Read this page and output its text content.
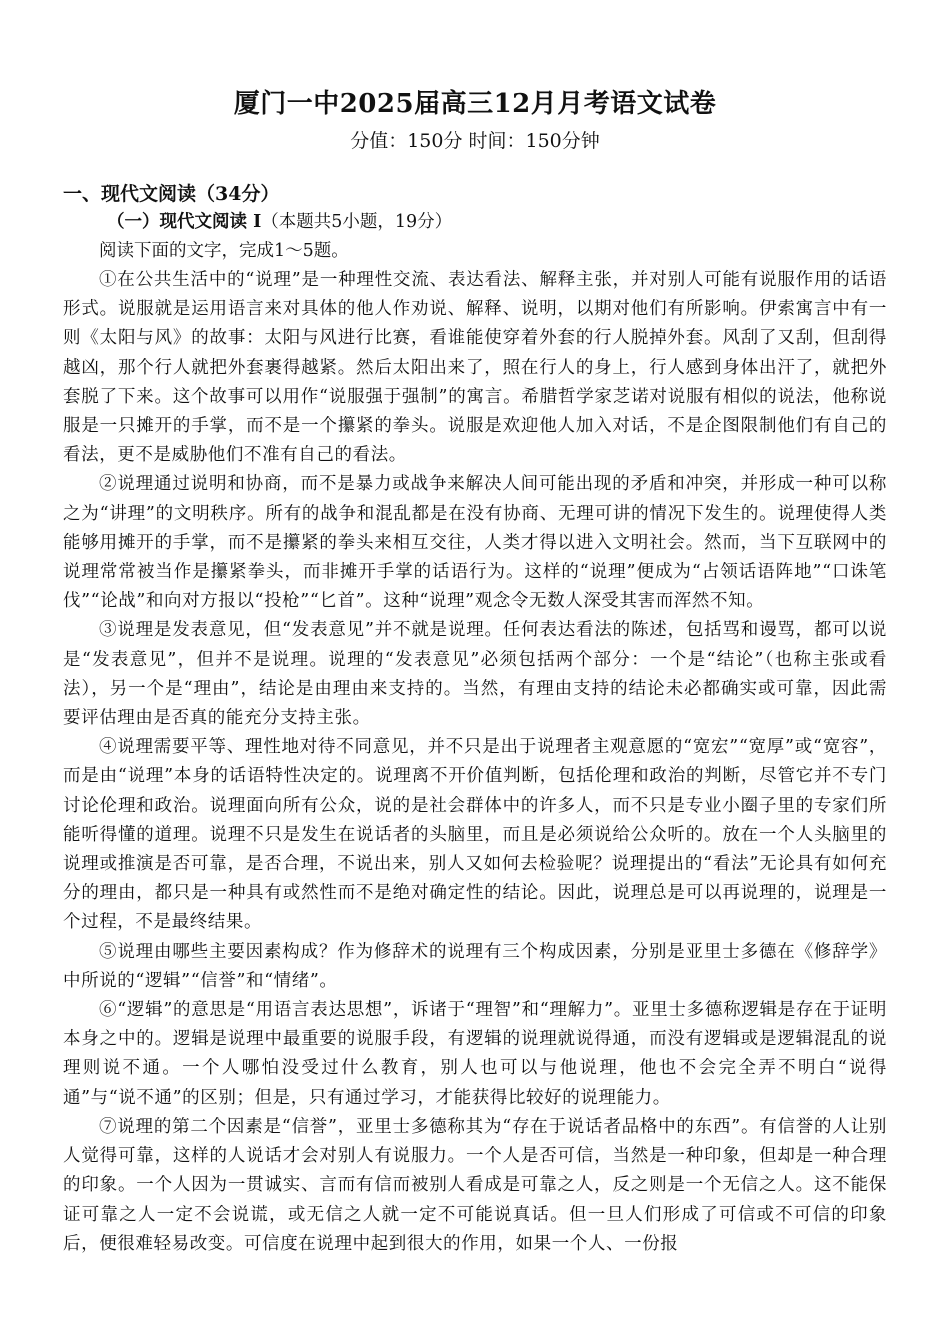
厦门一中2025届高三12月月考语文试卷
分值：150分 时间：150分钟
一、现代文阅读（34分）
（一）现代文阅读 I（本题共5小题，19分）
阅读下面的文字，完成1～5题。

①在公共生活中的“说理”是一种理性交流、表达看法、解释主张，并对别人可能有说服作用的话语形式。说服就是运用语言来对具体的他人作劝说、解释、说明，以期对他们有所影响。伊索寓言中有一则《太阳与风》的故事：太阳与风进行比赛，看谁能使穿着外套的行人脱掉外套。风刮了又刮，但刮得越凶，那个行人就把外套裹得越紧。然后太阳出来了，照在行人的身上，行人感到身体出汗了，就把外套脱了下来。这个故事可以用作“说服强于强制”的寓言。希腊哲学家芝诺对说服有相似的说法，他称说服是一只摊开的手掌，而不是一个攥紧的拳头。说服是欢迎他人加入对话，不是企图限制他们有自己的看法，更不是威胁他们不准有自己的看法。

②说理通过说明和协商，而不是暴力或战争来解决人间可能出现的矛盾和冲突，并形成一种可以称之为“讲理”的文明秩序。所有的战争和混乱都是在没有协商、无理可讲的情况下发生的。说理使得人类能够用摊开的手掌，而不是攥紧的拳头来相互交往，人类才得以进入文明社会。然而，当下互联网中的说理常常被当作是攥紧拳头，而非摊开手掌的话语行为。这样的“说理”便成为“占领话语阵地”“口诛笔伐”“论战”和向对方报以“投枪”“匕首”。这种“说理”观念令无数人深受其害而浑然不知。

③说理是发表意见，但“发表意见”并不就是说理。任何表达看法的陈述，包括骂和谩骂，都可以说是“发表意见”，但并不是说理。说理的“发表意见”必须包括两个部分：一个是“结论”（也称主张或看法），另一个是“理由”，结论是由理由来支持的。当然，有理由支持的结论未必都确实或可靠，因此需要评估理由是否真的能充分支持主张。

④说理需要平等、理性地对待不同意见，并不只是出于说理者主观意愿的“宽宏”“宽厚”或“宽容”，而是由“说理”本身的话语特性决定的。说理离不开价值判断，包括伦理和政治的判断，尽管它并不专门讨论伦理和政治。说理面向所有公众，说的是社会群体中的许多人，而不只是专业小圈子里的专家们所能听得懂的道理。说理不只是发生在说话者的头脑里，而且是必须说给公众听的。放在一个人头脑里的说理或推演是否可靠，是否合理，不说出来，别人又如何去检验呢？说理提出的“看法”无论具有如何充分的理由，都只是一种具有或然性而不是绝对确定性的结论。因此，说理总是可以再说理的，说理是一个过程，不是最终结果。

⑤说理由哪些主要因素构成？作为修辞术的说理有三个构成因素，分别是亚里士多德在《修辞学》中所说的“逻辑”“信誉”和“情绪”。

⑥“逻辑”的意思是“用语言表达思想”，诉诸于“理智”和“理解力”。亚里士多德称逻辑是存在于证明本身之中的。逻辑是说理中最重要的说服手段，有逻辑的说理就说得通，而没有逻辑或是逻辑混乱的说理则说不通。一个人哪怕没受过什么教育，别人也可以与他说理，他也不会完全弄不明白“说得通”与“说不通”的区别；但是，只有通过学习，才能获得比较好的说理能力。

⑦说理的第二个因素是“信誉”，亚里士多德称其为“存在于说话者品格中的东西”。有信誉的人让别人觉得可靠，这样的人说话才会对别人有说服力。一个人是否可信，当然是一种印象，但却是一种合理的印象。一个人因为一贯诚实、言而有信而被别人看成是可靠之人，反之则是一个无信之人。这不能保证可靠之人一定不会说谎，或无信之人就一定不可能说真话。但一旦人们形成了可信或不可信的印象后，便很难轻易改变。可信度在说理中起到很大的作用，如果一个人、一份报
